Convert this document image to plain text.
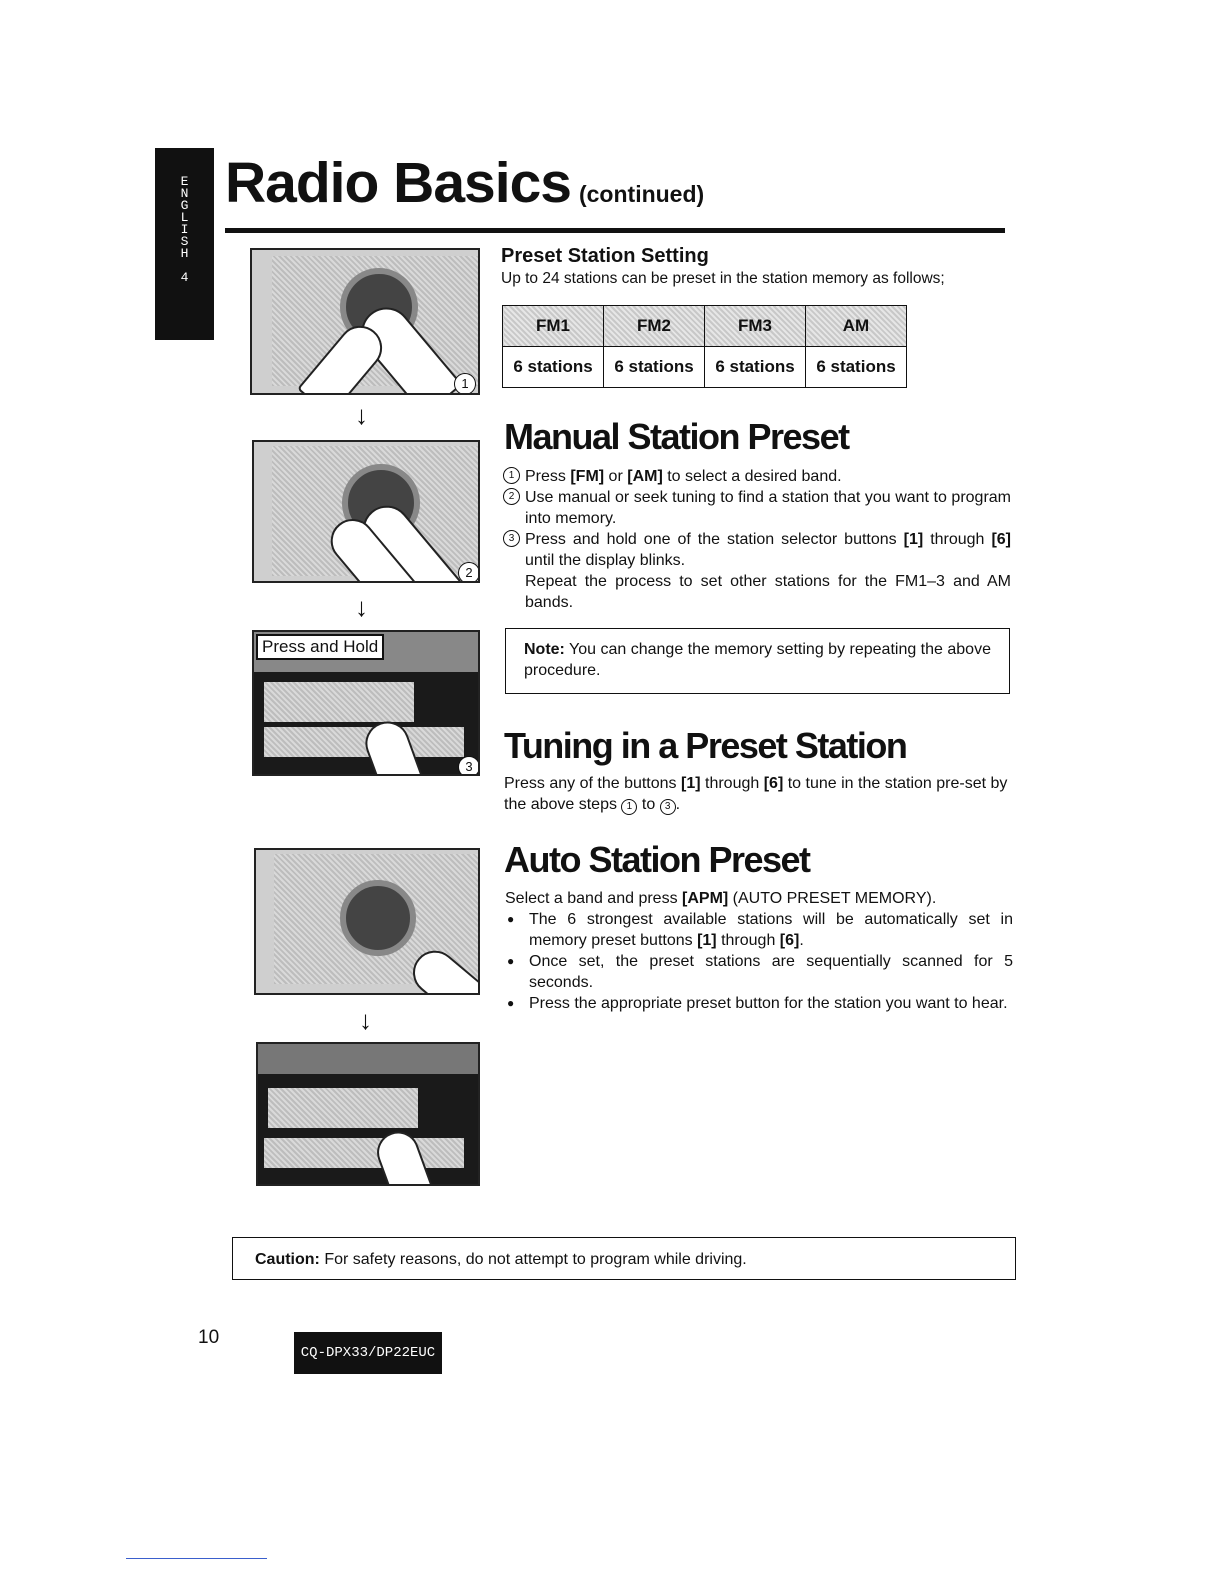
E
N
G
L
I
S
H
4
Radio Basics (continued)
1
↓
2
↓
Press and Hold
3
↓
Preset Station Setting
Up to 24 stations can be preset in the station memory as follows;
FM1	FM2	FM3	AM
6 stations	6 stations	6 stations	6 stations
Manual Station Preset
1 Press [FM] or [AM] to select a desired band.
2 Use manual or seek tuning to find a station that you want to program into memory.
3 Press and hold one of the station selector buttons [1] through [6] until the display blinks.
Repeat the process to set other stations for the FM1–3 and AM bands.
Note: You can change the memory setting by repeating the above procedure.
Tuning in a Preset Station
Press any of the buttons [1] through [6] to tune in the station pre-set by the above steps 1 to 3 .
Auto Station Preset
Select a band and press [APM] (AUTO PRESET MEMORY).
● The 6 strongest available stations will be automatically set in memory preset buttons [1] through [6].
● Once set, the preset stations are sequentially scanned for 5 seconds.
● Press the appropriate preset button for the station you want to hear.
Caution: For safety reasons, do not attempt to program while driving.
10
CQ-DPX33/DP22EUC
